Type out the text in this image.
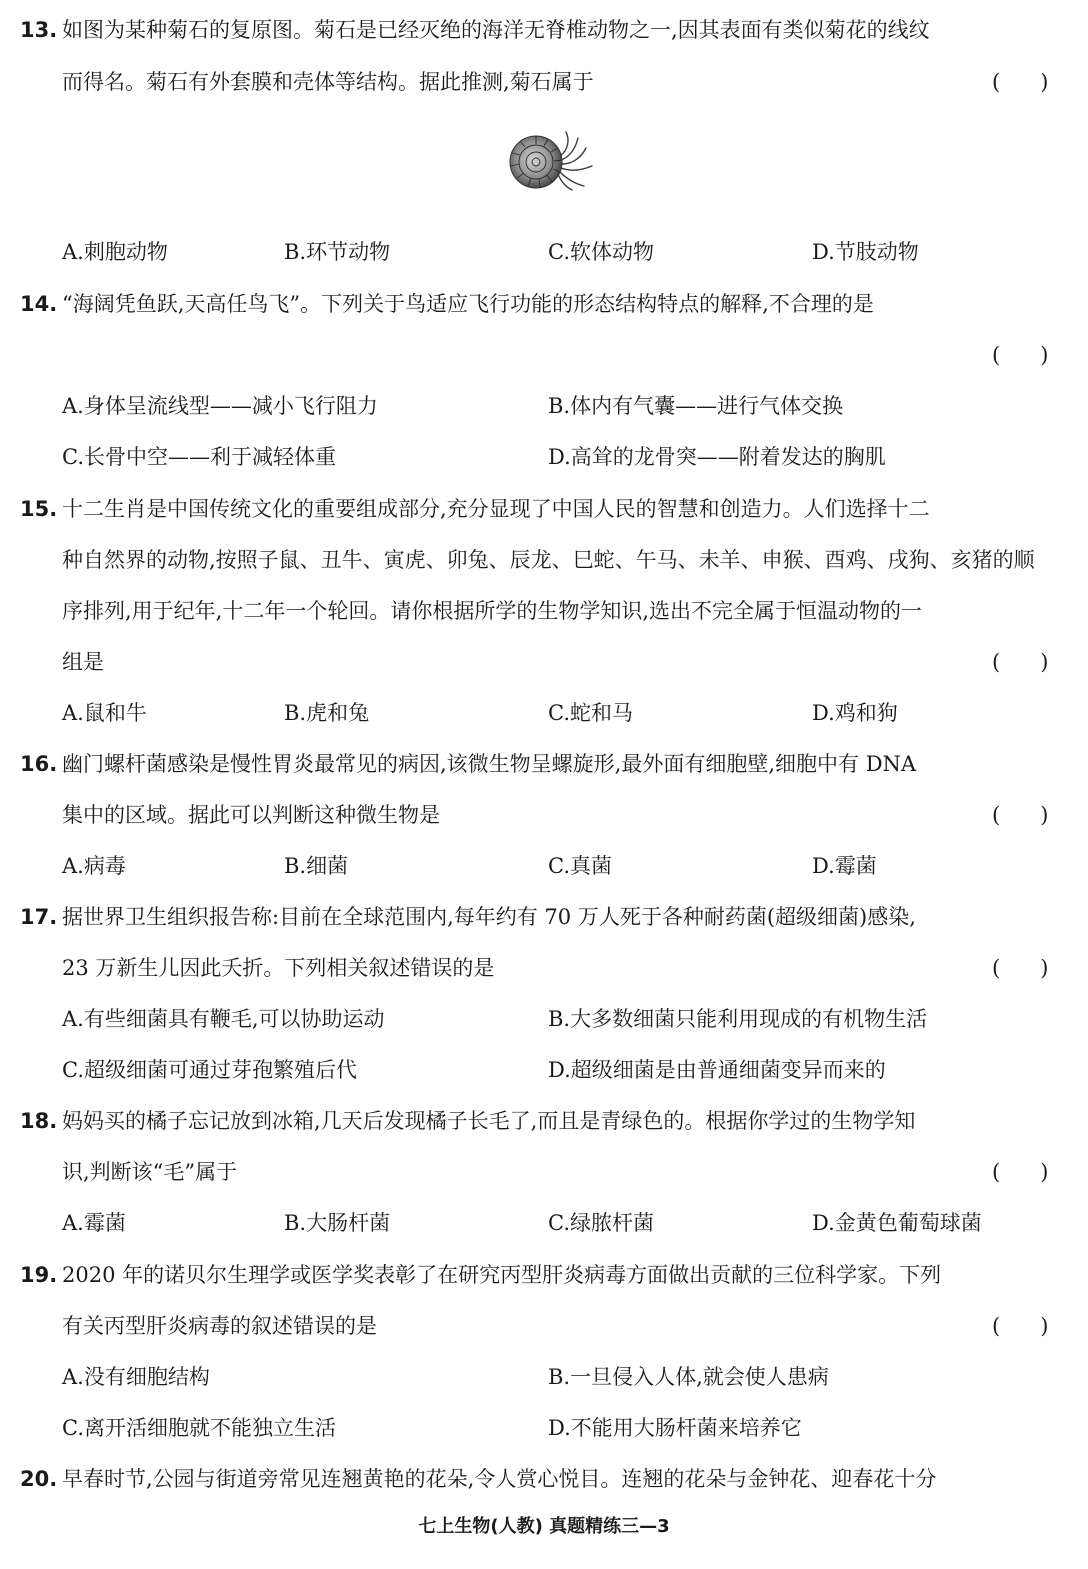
13. 如图为某种菊石的复原图。菊石是已经灭绝的海洋无脊椎动物之一,因其表面有类似菊花的线纹
而得名。菊石有外套膜和壳体等结构。据此推测,菊石属于	(      )
A.刺胞动物	B.环节动物	C.软体动物	D.节肢动物
14. “海阔凭鱼跃,天高任鸟飞”。下列关于鸟适应飞行功能的形态结构特点的解释,不合理的是
(      )
A.身体呈流线型——减小飞行阻力	B.体内有气囊——进行气体交换
C.长骨中空——利于减轻体重	D.高耸的龙骨突——附着发达的胸肌
15. 十二生肖是中国传统文化的重要组成部分,充分显现了中国人民的智慧和创造力。人们选择十二
种自然界的动物,按照子鼠、丑牛、寅虎、卯兔、辰龙、巳蛇、午马、未羊、申猴、酉鸡、戌狗、亥猪的顺
序排列,用于纪年,十二年一个轮回。请你根据所学的生物学知识,选出不完全属于恒温动物的一
组是	(      )
A.鼠和牛	B.虎和兔	C.蛇和马	D.鸡和狗
16. 幽门螺杆菌感染是慢性胃炎最常见的病因,该微生物呈螺旋形,最外面有细胞壁,细胞中有 DNA
集中的区域。据此可以判断这种微生物是	(      )
A.病毒	B.细菌	C.真菌	D.霉菌
17. 据世界卫生组织报告称:目前在全球范围内,每年约有 70 万人死于各种耐药菌(超级细菌)感染,
23 万新生儿因此夭折。下列相关叙述错误的是	(      )
A.有些细菌具有鞭毛,可以协助运动	B.大多数细菌只能利用现成的有机物生活
C.超级细菌可通过芽孢繁殖后代	D.超级细菌是由普通细菌变异而来的
18. 妈妈买的橘子忘记放到冰箱,几天后发现橘子长毛了,而且是青绿色的。根据你学过的生物学知
识,判断该“毛”属于	(      )
A.霉菌	B.大肠杆菌	C.绿脓杆菌	D.金黄色葡萄球菌
19. 2020 年的诺贝尔生理学或医学奖表彰了在研究丙型肝炎病毒方面做出贡献的三位科学家。下列
有关丙型肝炎病毒的叙述错误的是	(      )
A.没有细胞结构	B.一旦侵入人体,就会使人患病
C.离开活细胞就不能独立生活	D.不能用大肠杆菌来培养它
20. 早春时节,公园与街道旁常见连翘黄艳的花朵,令人赏心悦目。连翘的花朵与金钟花、迎春花十分
七上生物(人教) 真题精练三—3
